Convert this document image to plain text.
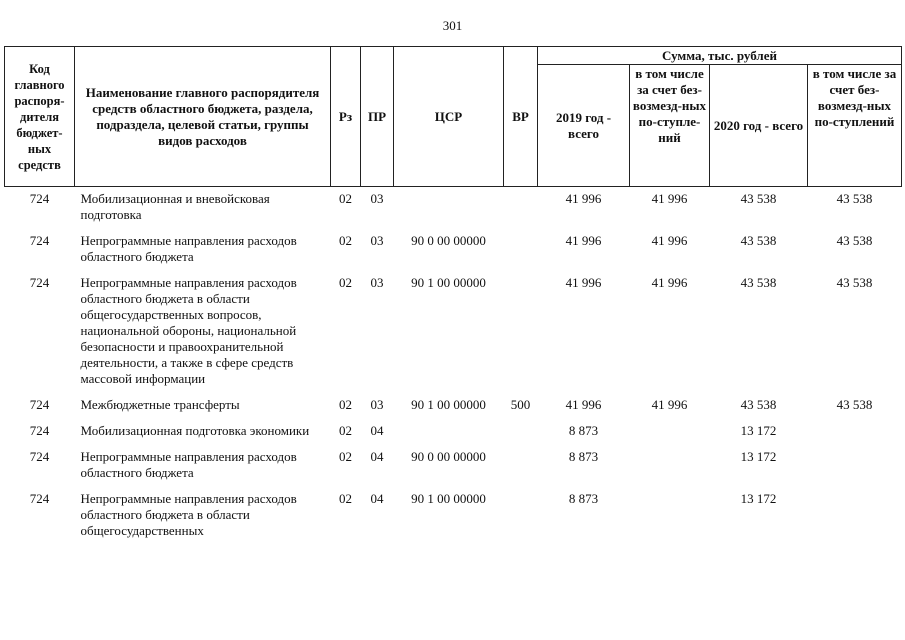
301
Код главного распоря-дителя бюджет-ных средств	Наименование главного распорядителя средств областного бюджета, раздела, подраздела, целевой статьи, группы видов расходов	Рз	ПР	ЦСР	ВР	Сумма, тыс. рублей			
						2019 год - всего	в том числе за счет без-возмезд-ных по-ступле-ний	2020 год - всего	в том числе за счет без-возмезд-ных по-ступлений
724	Мобилизационная и вневойсковая подготовка	02	03			41 996	41 996	43 538	43 538
724	Непрограммные направления расходов областного бюджета	02	03	90 0 00 00000		41 996	41 996	43 538	43 538
724	Непрограммные направления расходов областного бюджета в области общегосударственных вопросов, национальной обороны, национальной безопасности и правоохранительной деятельности, а также в сфере средств массовой информации	02	03	90 1 00 00000		41 996	41 996	43 538	43 538
724	Межбюджетные трансферты	02	03	90 1 00 00000	500	41 996	41 996	43 538	43 538
724	Мобилизационная подготовка экономики	02	04			8 873		13 172	
724	Непрограммные направления расходов областного бюджета	02	04	90 0 00 00000		8 873		13 172	
724	Непрограммные направления расходов областного бюджета в области общегосударственных	02	04	90 1 00 00000		8 873		13 172	
